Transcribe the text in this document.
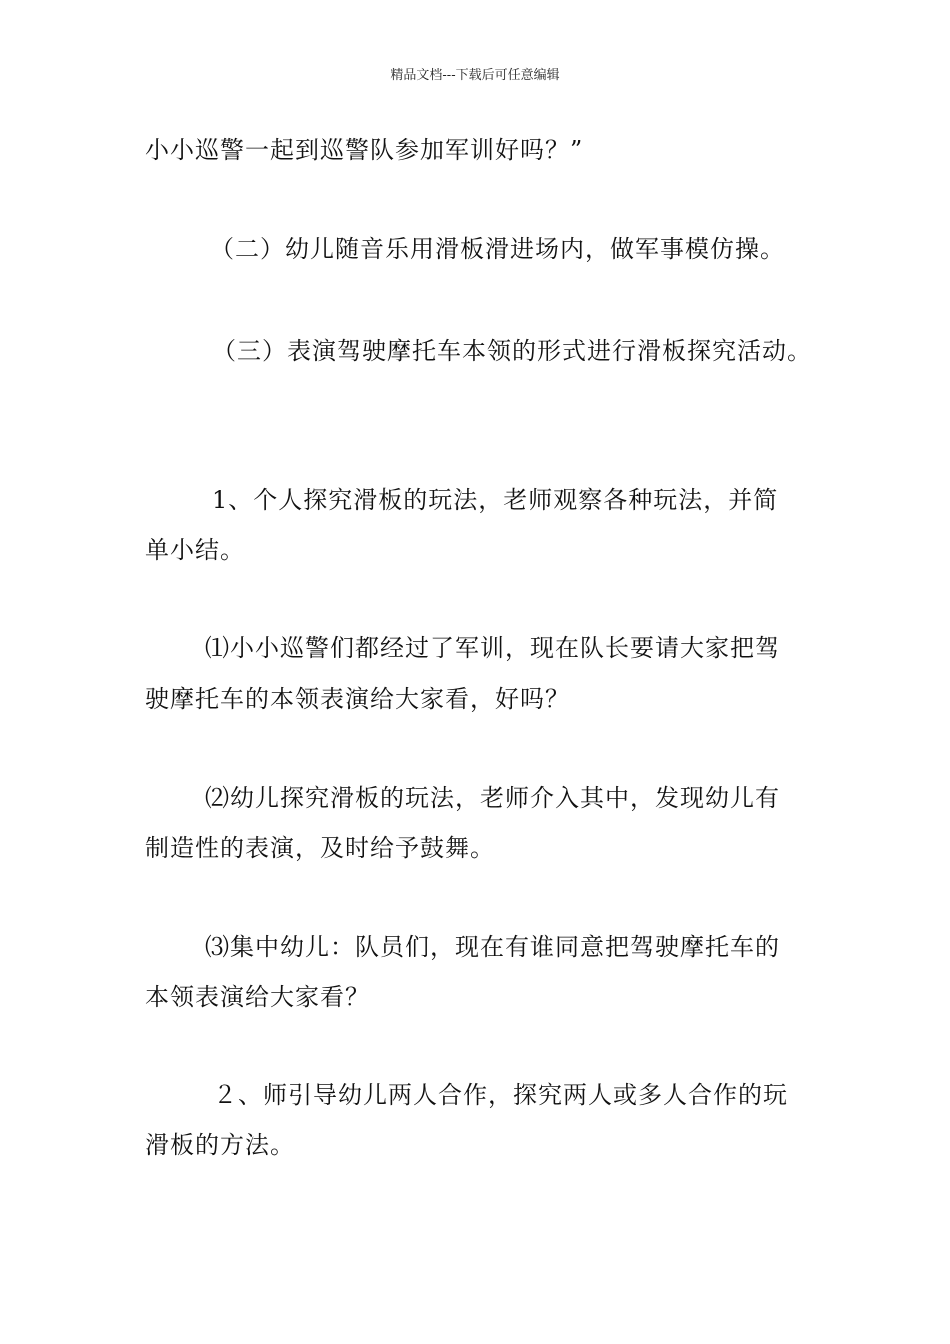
精品文档---下载后可任意编辑
小小巡警一起到巡警队参加军训好吗？”
（二）幼儿随音乐用滑板滑进场内，做军事模仿操。
（三）表演驾驶摩托车本领的形式进行滑板探究活动。
1、个人探究滑板的玩法，老师观察各种玩法，并简
单小结。
⑴小小巡警们都经过了军训，现在队长要请大家把驾
驶摩托车的本领表演给大家看，好吗？
⑵幼儿探究滑板的玩法，老师介入其中，发现幼儿有
制造性的表演，及时给予鼓舞。
⑶集中幼儿：队员们，现在有谁同意把驾驶摩托车的
本领表演给大家看？
２、师引导幼儿两人合作，探究两人或多人合作的玩
滑板的方法。
